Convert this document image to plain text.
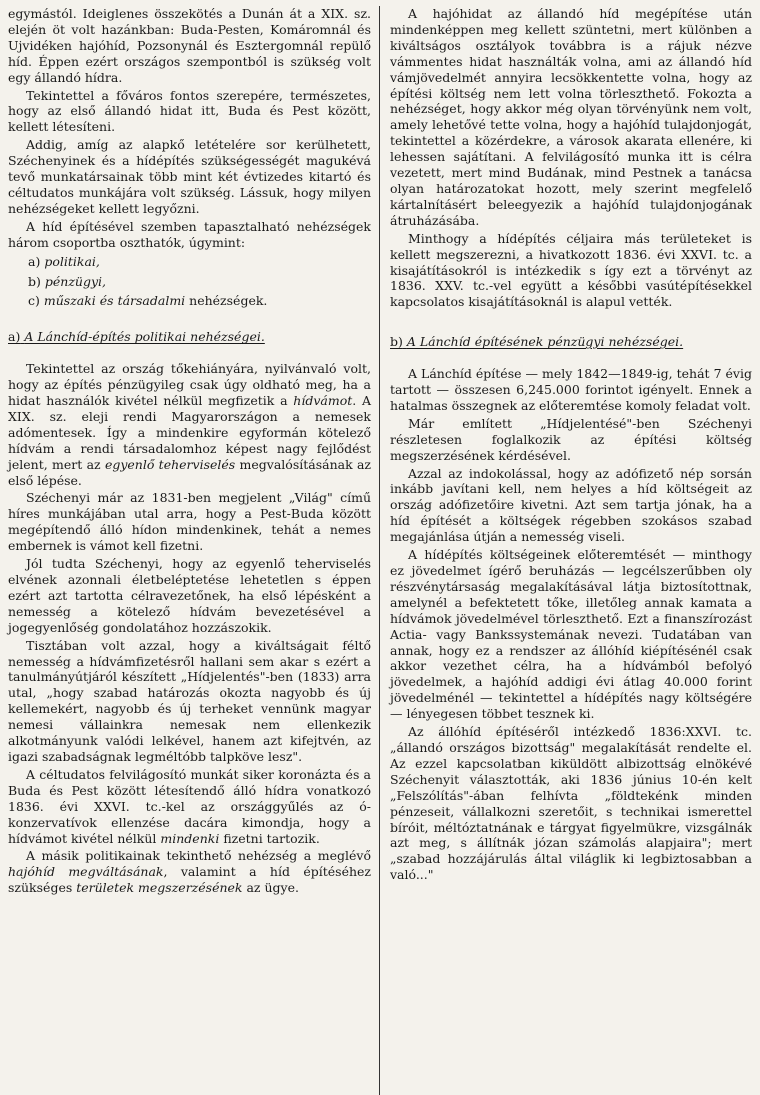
egymástól. Ideiglenes összekötés a Dunán át a XIX. sz. elején öt volt hazánkban: Buda-Pesten, Komáromnál és Ujvidéken hajóhíd, Pozsonynál és Esztergomnál repülő híd. Éppen ezért országos szempontból is szükség volt egy állandó hídra.

Tekintettel a főváros fontos szerepére, természetes, hogy az első állandó hidat itt, Buda és Pest között, kellett létesíteni.

Addig, amíg az alapkő letételére sor kerülhetett, Széchenyinek és a hídépítés szükségességét magukévá tevő munkatársainak több mint két évtizedes kitartó és céltudatos munkájára volt szükség. Lássuk, hogy milyen nehézségeket kellett legyőzni.

A híd építésével szemben tapasztalható nehézségek három csoportba oszthatók, úgymint:

a) politikai,
b) pénzügyi,
c) műszaki és társadalmi nehézségek.

a) A Lánchíd-építés politikai nehézségei.

Tekintettel az ország tőkehiányára, nyilvánvaló volt, hogy az építés pénzügyileg csak úgy oldható meg, ha a hidat használók kivétel nélkül megfizetik a hídvámot. A XIX. sz. eleji rendi Magyarországon a nemesek adómentesek. Így a mindenkire egyformán kötelező hídvám a rendi társadalomhoz képest nagy fejlődést jelent, mert az egyenlő teherviselés megvalósításának az első lépése.

Széchenyi már az 1831-ben megjelent „Világ" című híres munkájában utal arra, hogy a Pest-Buda között megépítendő álló hídon mindenkinek, tehát a nemes embernek is vámot kell fizetni.

Jól tudta Széchenyi, hogy az egyenlő teherviselés elvének azonnali életbeléptetése lehetetlen s éppen ezért azt tartotta célravezetőnek, ha első lépésként a nemesség a kötelező hídvám bevezetésével a jogegyenlőség gondolatához hozzászokik.

Tisztában volt azzal, hogy a kiváltságait féltő nemesség a hídvámfizetésről hallani sem akar s ezért a tanulmányútjáról készített „Hídjelentés"-ben (1833) arra utal, „hogy szabad határozás okozta nagyobb és új kellemekért, nagyobb és új terheket vennünk magyar nemesi vállainkra nemesak nem ellenkezik alkotmányunk valódi lelkével, hanem azt kifejtvén, az igazi szabadságnak legméltóbb talpköve lesz".

A céltudatos felvilágosító munkát siker koronázta és a Buda és Pest között létesítendő álló hídra vonatkozó 1836. évi XXVI. tc.-kel az országgyűlés az ó-konzervatívok ellenzése dacára kimondja, hogy a hídvámot kivétel nélkül mindenki fizetni tartozik.

A másik politikainak tekinthető nehézség a meglévő hajóhíd megváltásának, valamint a híd építéséhez szükséges területek megszerzésének az ügye.

A hajóhidat az állandó híd megépítése után mindenképpen meg kellett szüntetni, mert különben a kiváltságos osztályok továbbra is a rájuk nézve vámmentes hidat használták volna, ami az állandó híd vámjövedelmét annyira lecsökkentette volna, hogy az építési költség nem lett volna törleszthető. Fokozta a nehézséget, hogy akkor még olyan törvényünk nem volt, amely lehetővé tette volna, hogy a hajóhíd tulajdonjogát, tekintettel a közérdekre, a városok akarata ellenére, ki lehessen sajátítani. A felvilágosító munka itt is célra vezetett, mert mind Budának, mind Pestnek a tanácsa olyan határozatokat hozott, mely szerint megfelelő kártalnításért beleegyezik a hajóhíd tulajdonjogának átruházásába.

Minthogy a hídépítés céljaira más területeket is kellett megszerezni, a hivatkozott 1836. évi XXVI. tc. a kisajátításokról is intézkedik s így ezt a törvényt az 1836. XXV. tc.-vel együtt a későbbi vasútépítésekkel kapcsolatos kisajátításoknál is alapul vették.

b) A Lánchíd építésének pénzügyi nehézségei.

A Lánchíd építése — mely 1842—1849-ig, tehát 7 évig tartott — összesen 6,245.000 forintot igényelt. Ennek a hatalmas összegnek az előteremtése komoly feladat volt.

Már említett „Hídjelentésé"-ben Széchenyi részletesen foglalkozik az építési költség megszerzésének kérdésével.

Azzal az indokolással, hogy az adófizető nép sorsán inkább javítani kell, nem helyes a híd költségeit az ország adófizetőire kivetni. Azt sem tartja jónak, ha a híd építését a költségek régebben szokásos szabad megajánlása útján a nemesség viseli.

A hídépítés költségeinek előteremtését — minthogy ez jövedelmet ígérő beruházás — legcélszerűbben oly részvénytársaság megalakításával látja biztosítottnak, amelynél a befektetett tőke, illetőleg annak kamata a hídvámok jövedelmével törleszthető. Ezt a finanszírozást Actia- vagy Bankssystemának nevezi. Tudatában van annak, hogy ez a rendszer az állóhíd kiépítésénél csak akkor vezethet célra, ha a hídvámból befolyó jövedelmek, a hajóhíd addigi évi átlag 40.000 forint jövedelménél — tekintettel a hídépítés nagy költségére — lényegesen többet tesznek ki.

Az állóhíd építéséről intézkedő 1836:XXVI. tc. „állandó országos bizottság" megalakítását rendelte el. Az ezzel kapcsolatban kiküldött albizottság elnökévé Széchenyit választották, aki 1836 június 10-én kelt „Felszólítás"-ában felhívta „földtekénk minden pénzeseit, vállalkozni szeretőit, s technikai ismerettel bíróit, méltóztatnának e tárgyat figyelmükre, vizsgálnák azt meg, s állítnák józan számolás alapjaira"; mert „szabad hozzájárulás által világlik ki legbiztosabban a való..."
